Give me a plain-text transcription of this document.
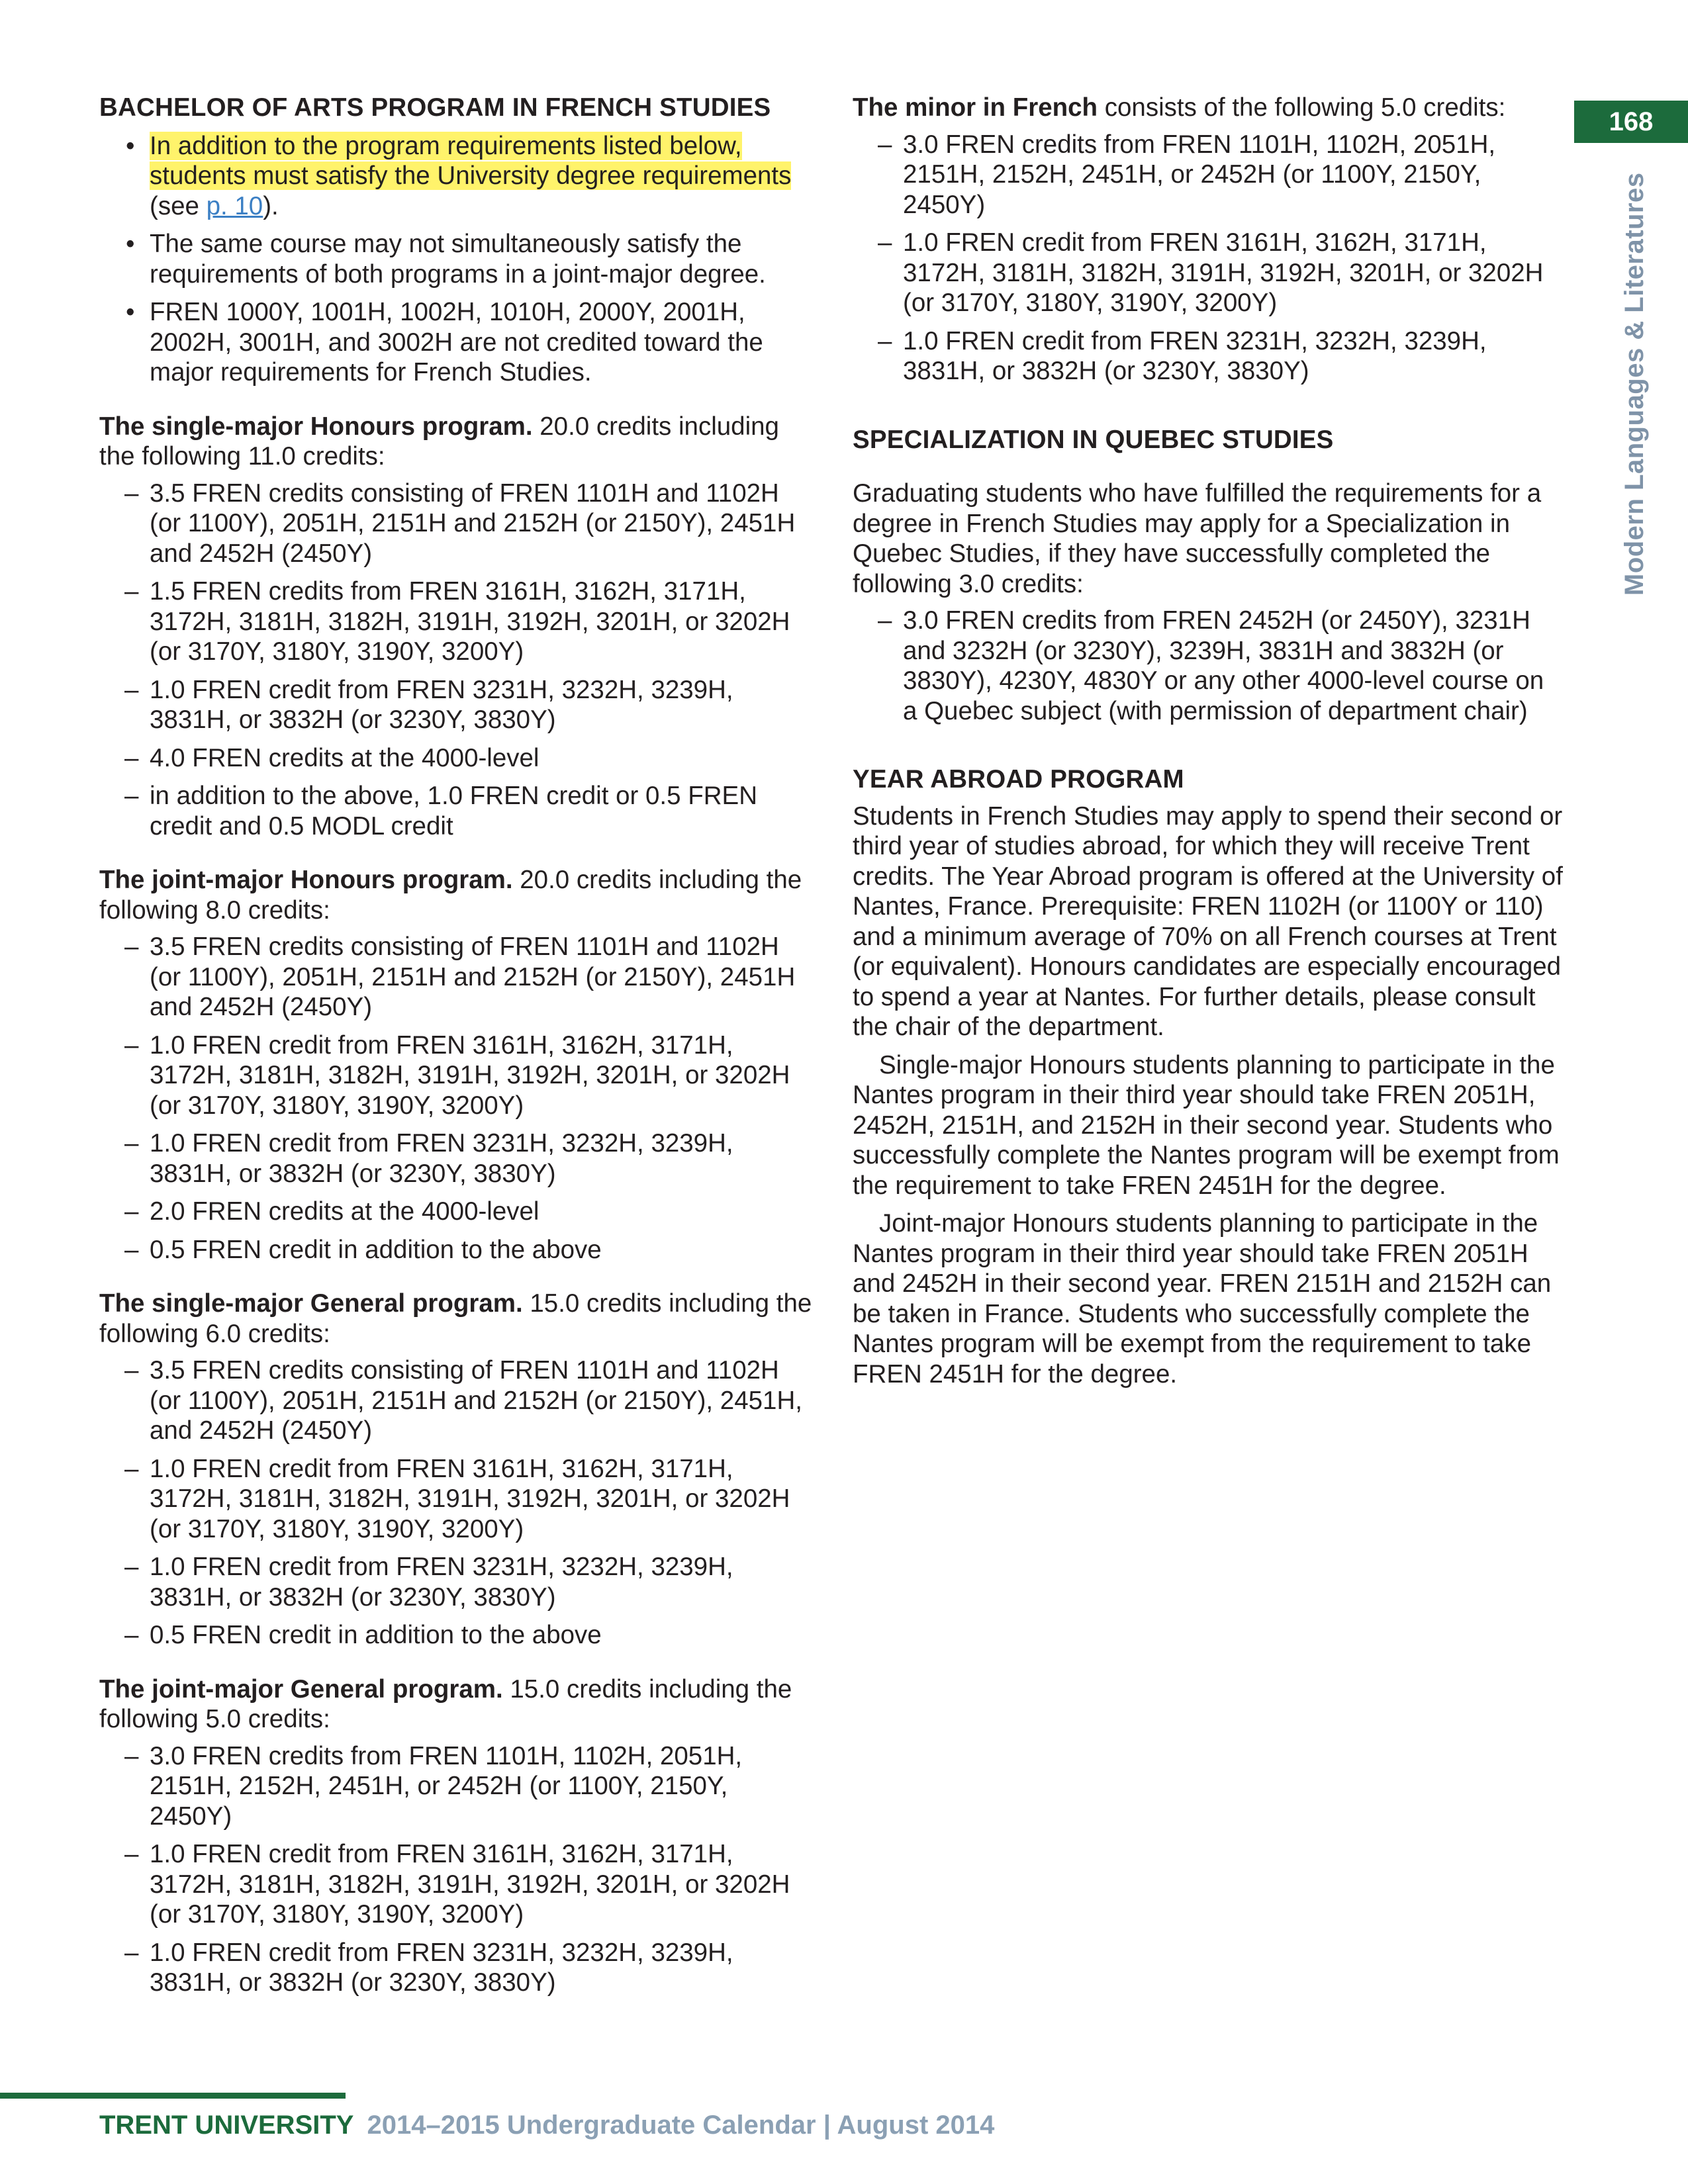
168
Modern Languages & Literatures
BACHELOR OF ARTS PROGRAM IN FRENCH STUDIES
• In addition to the program requirements listed below, students must satisfy the University degree requirements (see p. 10).
• The same course may not simultaneously satisfy the requirements of both programs in a joint-major degree.
• FREN 1000Y, 1001H, 1002H, 1010H, 2000Y, 2001H, 2002H, 3001H, and 3002H are not credited toward the major requirements for French Studies.

The single-major Honours program. 20.0 credits including the following 11.0 credits:

– 3.5 FREN credits consisting of FREN 1101H and 1102H (or 1100Y), 2051H, 2151H and 2152H (or 2150Y), 2451H and 2452H (2450Y)
– 1.5 FREN credits from FREN 3161H, 3162H, 3171H, 3172H, 3181H, 3182H, 3191H, 3192H, 3201H, or 3202H (or 3170Y, 3180Y, 3190Y, 3200Y)
– 1.0 FREN credit from FREN 3231H, 3232H, 3239H, 3831H, or 3832H (or 3230Y, 3830Y)
– 4.0 FREN credits at the 4000-level
– in addition to the above, 1.0 FREN credit or 0.5 FREN credit and 0.5 MODL credit

The joint-major Honours program. 20.0 credits including the following 8.0 credits:

– 3.5 FREN credits consisting of FREN 1101H and 1102H (or 1100Y), 2051H, 2151H and 2152H (or 2150Y), 2451H and 2452H (2450Y)
– 1.0 FREN credit from FREN 3161H, 3162H, 3171H, 3172H, 3181H, 3182H, 3191H, 3192H, 3201H, or 3202H (or 3170Y, 3180Y, 3190Y, 3200Y)
– 1.0 FREN credit from FREN 3231H, 3232H, 3239H, 3831H, or 3832H (or 3230Y, 3830Y)
– 2.0 FREN credits at the 4000-level
– 0.5 FREN credit in addition to the above

The single-major General program. 15.0 credits including the following 6.0 credits:

– 3.5 FREN credits consisting of FREN 1101H and 1102H (or 1100Y), 2051H, 2151H and 2152H (or 2150Y), 2451H, and 2452H (2450Y)
– 1.0 FREN credit from FREN 3161H, 3162H, 3171H, 3172H, 3181H, 3182H, 3191H, 3192H, 3201H, or 3202H (or 3170Y, 3180Y, 3190Y, 3200Y)
– 1.0 FREN credit from FREN 3231H, 3232H, 3239H, 3831H, or 3832H (or 3230Y, 3830Y)
– 0.5 FREN credit in addition to the above

The joint-major General program. 15.0 credits including the following 5.0 credits:

– 3.0 FREN credits from FREN 1101H, 1102H, 2051H, 2151H, 2152H, 2451H, or 2452H (or 1100Y, 2150Y, 2450Y)
– 1.0 FREN credit from FREN 3161H, 3162H, 3171H, 3172H, 3181H, 3182H, 3191H, 3192H, 3201H, or 3202H (or 3170Y, 3180Y, 3190Y, 3200Y)
– 1.0 FREN credit from FREN 3231H, 3232H, 3239H, 3831H, or 3832H (or 3230Y, 3830Y)

The minor in French consists of the following 5.0 credits:

– 3.0 FREN credits from FREN 1101H, 1102H, 2051H, 2151H, 2152H, 2451H, or 2452H (or 1100Y, 2150Y, 2450Y)
– 1.0 FREN credit from FREN 3161H, 3162H, 3171H, 3172H, 3181H, 3182H, 3191H, 3192H, 3201H, or 3202H (or 3170Y, 3180Y, 3190Y, 3200Y)
– 1.0 FREN credit from FREN 3231H, 3232H, 3239H, 3831H, or 3832H (or 3230Y, 3830Y)
SPECIALIZATION IN QUEBEC STUDIES

Graduating students who have fulfilled the requirements for a degree in French Studies may apply for a Specialization in Quebec Studies, if they have successfully completed the following 3.0 credits:

– 3.0 FREN credits from FREN 2452H (or 2450Y), 3231H and 3232H (or 3230Y), 3239H, 3831H and 3832H (or 3830Y), 4230Y, 4830Y or any other 4000-level course on a Quebec subject (with permission of department chair)
YEAR ABROAD PROGRAM

Students in French Studies may apply to spend their second or third year of studies abroad, for which they will receive Trent credits. The Year Abroad program is offered at the University of Nantes, France. Prerequisite: FREN 1102H (or 1100Y or 110) and a minimum average of 70% on all French courses at Trent (or equivalent). Honours candidates are especially encouraged to spend a year at Nantes. For further details, please consult the chair of the department.

Single-major Honours students planning to participate in the Nantes program in their third year should take FREN 2051H, 2452H, 2151H, and 2152H in their second year. Students who successfully complete the Nantes program will be exempt from the requirement to take FREN 2451H for the degree.

Joint-major Honours students planning to participate in the Nantes program in their third year should take FREN 2051H and 2452H in their second year. FREN 2151H and 2152H can be taken in France. Students who successfully complete the Nantes program will be exempt from the requirement to take FREN 2451H for the degree.

TRENT UNIVERSITY 2014–2015 Undergraduate Calendar | August 2014
